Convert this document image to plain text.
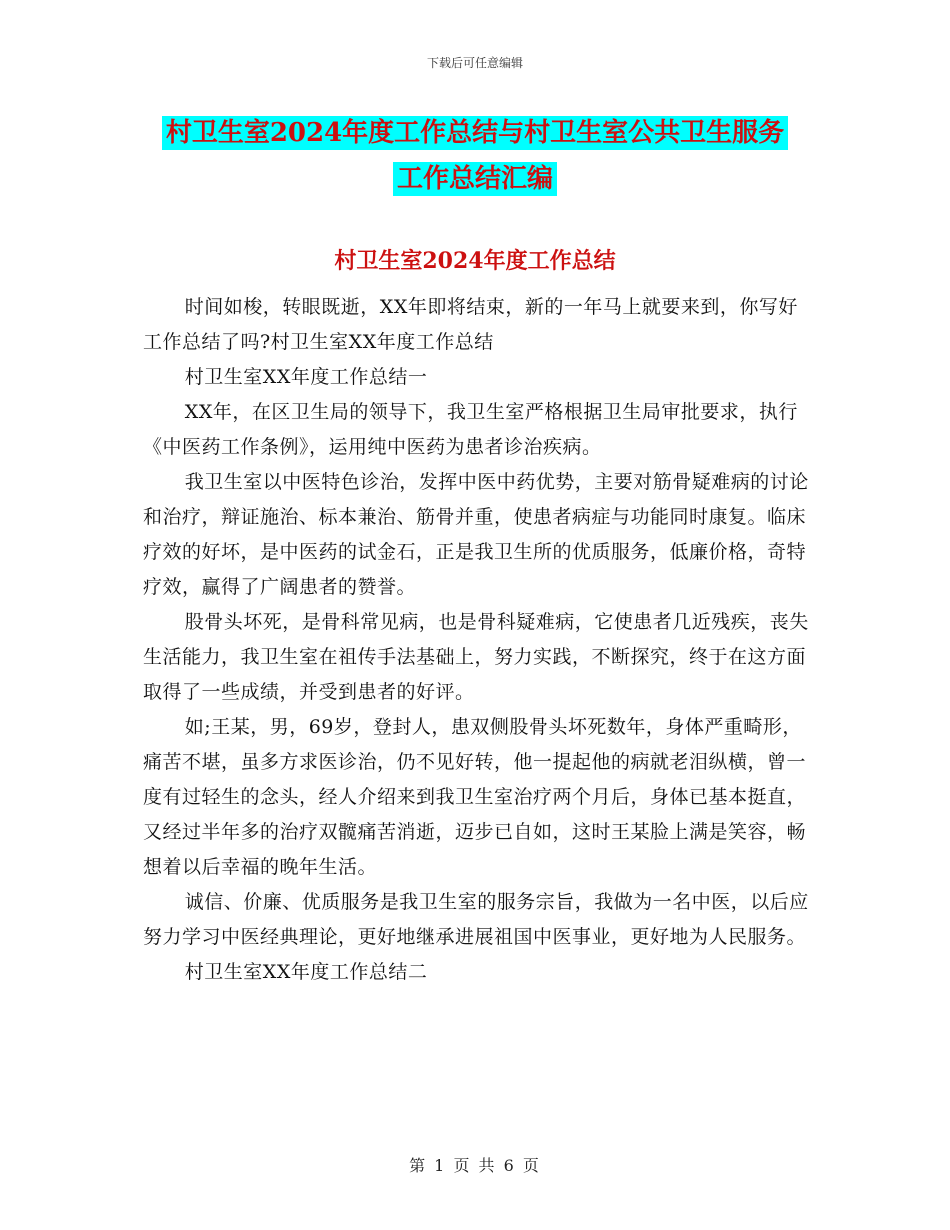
下载后可任意编辑
村卫生室2024年度工作总结与村卫生室公共卫生服务
工作总结汇编
村卫生室2024年度工作总结

时间如梭，转眼既逝，XX年即将结束，新的一年马上就要来到，你写好工作总结了吗?村卫生室XX年度工作总结

村卫生室XX年度工作总结一

XX年，在区卫生局的领导下，我卫生室严格根据卫生局审批要求，执行《中医药工作条例》，运用纯中医药为患者诊治疾病。

我卫生室以中医特色诊治，发挥中医中药优势，主要对筋骨疑难病的讨论和治疗，辩证施治、标本兼治、筋骨并重，使患者病症与功能同时康复。临床疗效的好坏，是中医药的试金石，正是我卫生所的优质服务，低廉价格，奇特疗效，赢得了广阔患者的赞誉。

股骨头坏死，是骨科常见病，也是骨科疑难病，它使患者几近残疾，丧失生活能力，我卫生室在祖传手法基础上，努力实践，不断探究，终于在这方面取得了一些成绩，并受到患者的好评。

如;王某，男，69岁，登封人，患双侧股骨头坏死数年，身体严重畸形，痛苦不堪，虽多方求医诊治，仍不见好转，他一提起他的病就老泪纵横，曾一度有过轻生的念头，经人介绍来到我卫生室治疗两个月后，身体已基本挺直，又经过半年多的治疗双髋痛苦消逝，迈步已自如，这时王某脸上满是笑容，畅想着以后幸福的晚年生活。

诚信、价廉、优质服务是我卫生室的服务宗旨，我做为一名中医，以后应努力学习中医经典理论，更好地继承进展祖国中医事业，更好地为人民服务。

村卫生室XX年度工作总结二

第 1 页 共 6 页
